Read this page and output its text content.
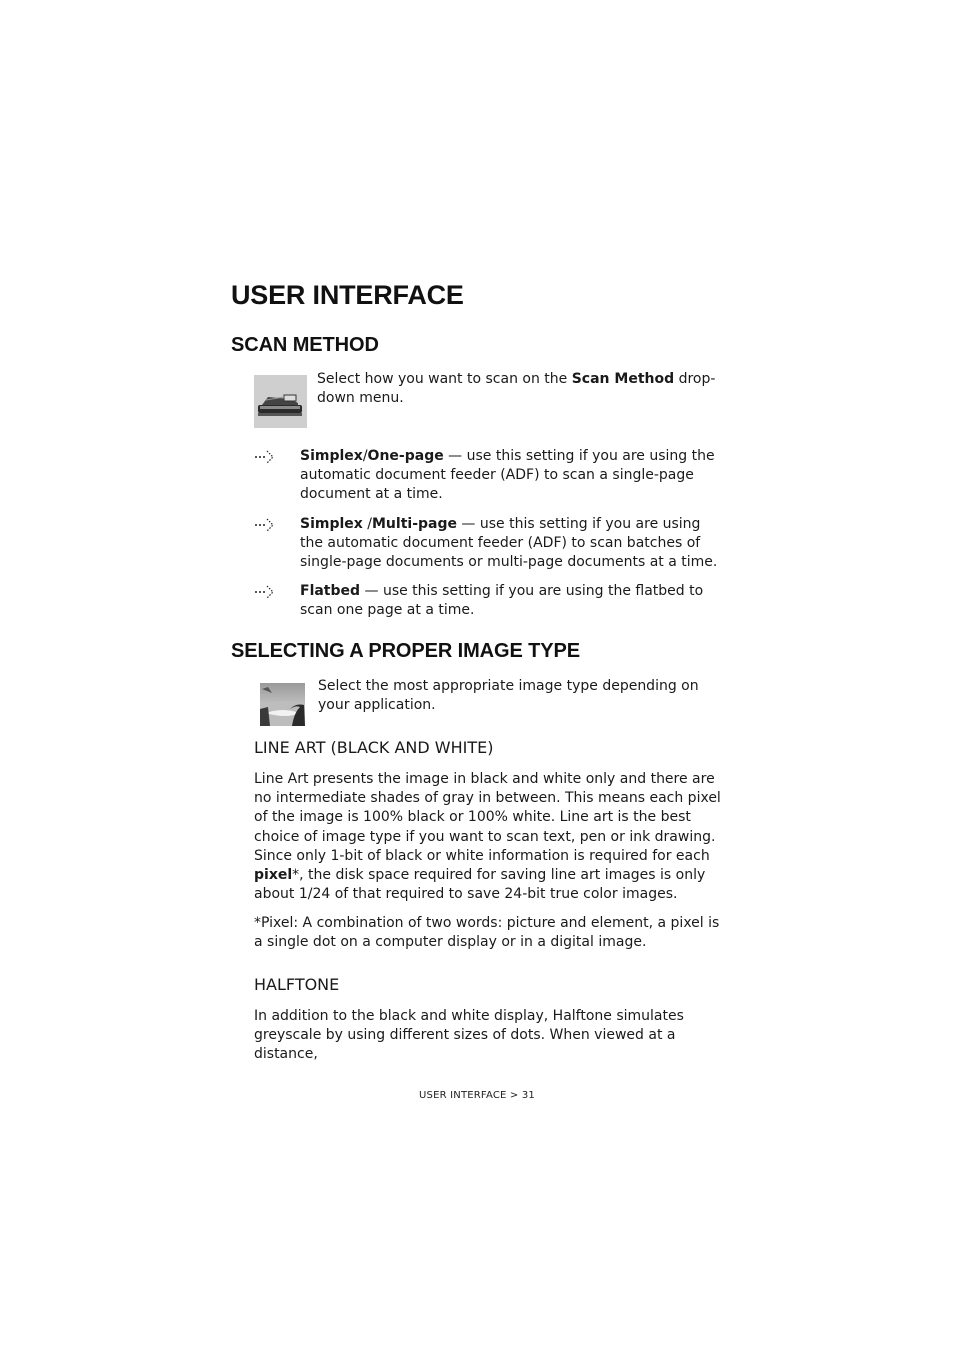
USER INTERFACE
SCAN METHOD

Select how you want to scan on the Scan Method drop-down menu.

Simplex/One-page — use this setting if you are using the automatic document feeder (ADF) to scan a single-page document at a time.

Simplex /Multi-page — use this setting if you are using the automatic document feeder (ADF) to scan batches of single-page documents or multi-page documents at a time.

Flatbed — use this setting if you are using the flatbed to scan one page at a time.

SELECTING A PROPER IMAGE TYPE

Select the most appropriate image type depending on your application.

LINE ART (BLACK AND WHITE)

Line Art presents the image in black and white only and there are no intermediate shades of gray in between. This means each pixel of the image is 100% black or 100% white. Line art is the best choice of image type if you want to scan text, pen or ink drawing. Since only 1-bit of black or white information is required for each pixel*, the disk space required for saving line art images is only about 1/24 of that required to save 24-bit true color images.

*Pixel: A combination of two words: picture and element, a pixel is a single dot on a computer display or in a digital image.

HALFTONE

In addition to the black and white display, Halftone simulates greyscale by using different sizes of dots. When viewed at a distance,

USER INTERFACE > 31
